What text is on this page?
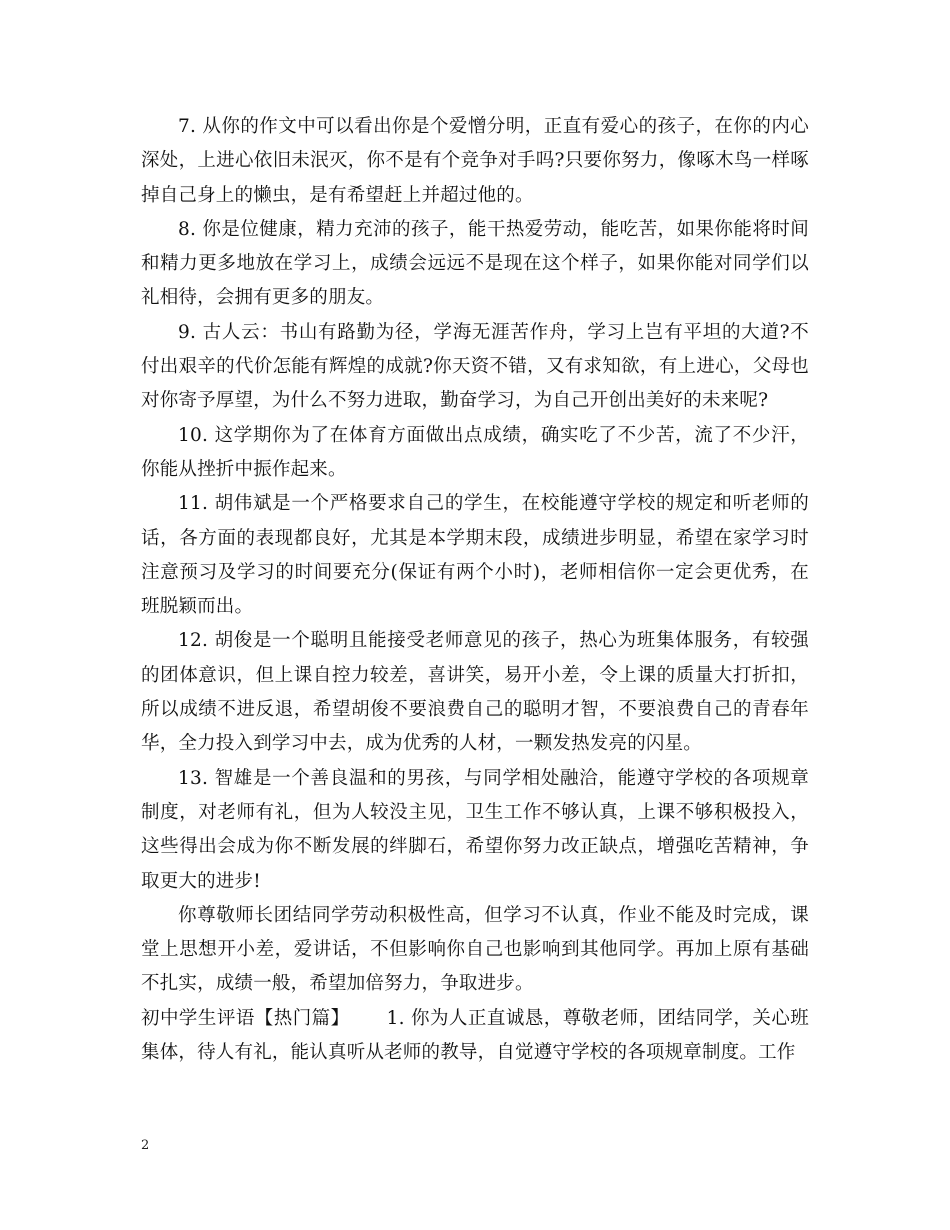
7. 从你的作文中可以看出你是个爱憎分明，正直有爱心的孩子，在你的内心深处，上进心依旧未泯灭，你不是有个竞争对手吗?只要你努力，像啄木鸟一样啄掉自己身上的懒虫，是有希望赶上并超过他的。

8. 你是位健康，精力充沛的孩子，能干热爱劳动，能吃苦，如果你能将时间和精力更多地放在学习上，成绩会远远不是现在这个样子，如果你能对同学们以礼相待，会拥有更多的朋友。

9. 古人云：书山有路勤为径，学海无涯苦作舟，学习上岂有平坦的大道?不付出艰辛的代价怎能有辉煌的成就?你天资不错，又有求知欲，有上进心，父母也对你寄予厚望，为什么不努力进取，勤奋学习，为自己开创出美好的未来呢?

10. 这学期你为了在体育方面做出点成绩，确实吃了不少苦，流了不少汗，你能从挫折中振作起来。

11. 胡伟斌是一个严格要求自己的学生，在校能遵守学校的规定和听老师的话，各方面的表现都良好，尤其是本学期末段，成绩进步明显，希望在家学习时注意预习及学习的时间要充分(保证有两个小时)，老师相信你一定会更优秀，在班脱颖而出。

12. 胡俊是一个聪明且能接受老师意见的孩子，热心为班集体服务，有较强的团体意识，但上课自控力较差，喜讲笑，易开小差，令上课的质量大打折扣，所以成绩不进反退，希望胡俊不要浪费自己的聪明才智，不要浪费自己的青春年华，全力投入到学习中去，成为优秀的人材，一颗发热发亮的闪星。

13. 智雄是一个善良温和的男孩，与同学相处融洽，能遵守学校的各项规章制度，对老师有礼，但为人较没主见，卫生工作不够认真，上课不够积极投入，这些得出会成为你不断发展的绊脚石，希望你努力改正缺点，增强吃苦精神，争取更大的进步!

你尊敬师长团结同学劳动积极性高，但学习不认真，作业不能及时完成，课堂上思想开小差，爱讲话，不但影响你自己也影响到其他同学。再加上原有基础不扎实，成绩一般，希望加倍努力，争取进步。

初中学生评语【热门篇】 1. 你为人正直诚恳，尊敬老师，团结同学，关心班集体，待人有礼，能认真听从老师的教导，自觉遵守学校的各项规章制度。工作

2
